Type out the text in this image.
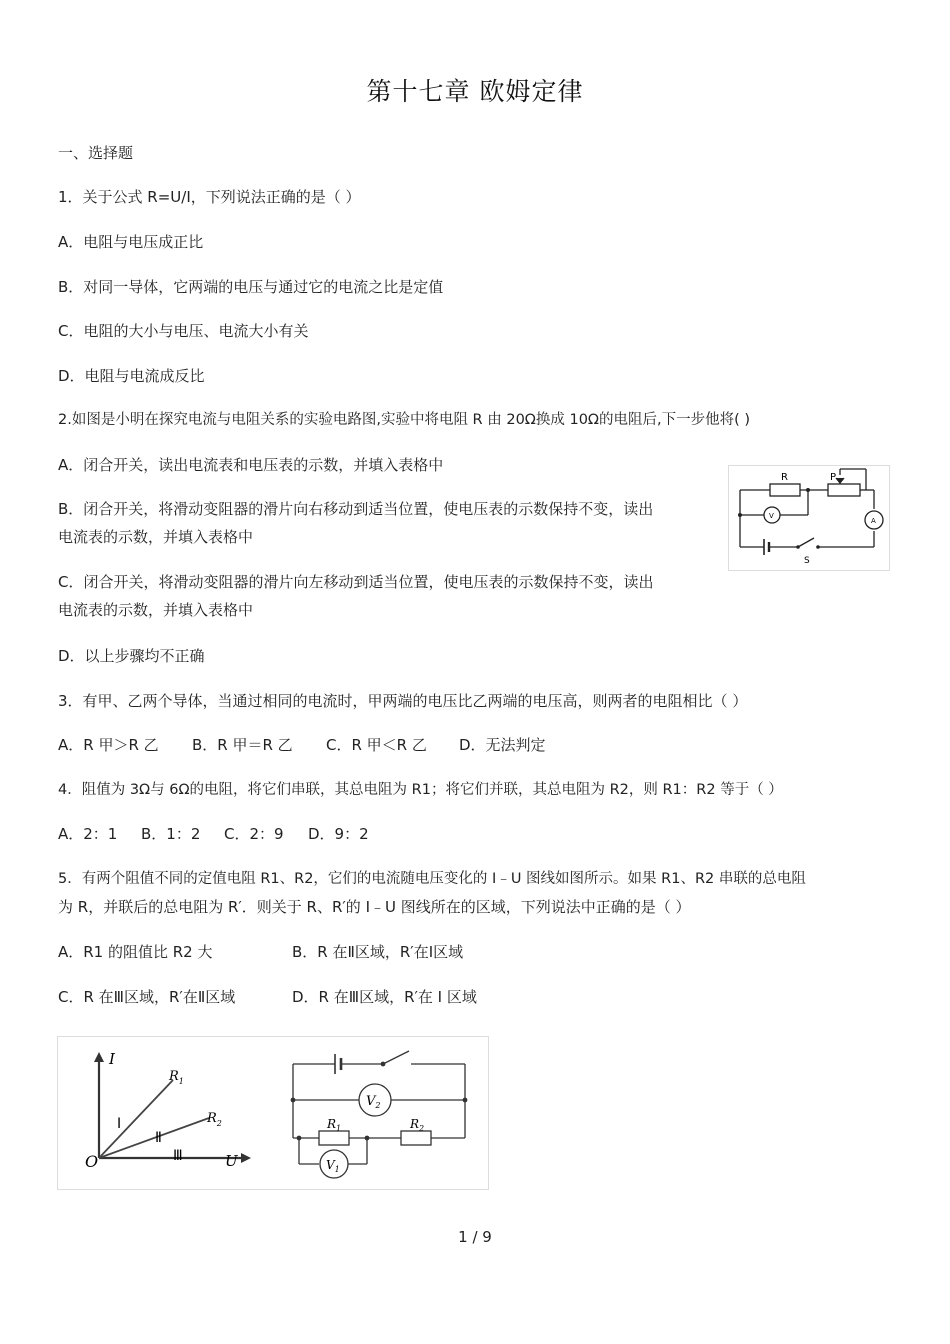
第十七章 欧姆定律
一、选择题
1．关于公式 R=U/I，下列说法正确的是（ ）
A．电阻与电压成正比
B．对同一导体，它两端的电压与通过它的电流之比是定值
C．电阻的大小与电压、电流大小有关
D．电阻与电流成反比
2.如图是小明在探究电流与电阻关系的实验电路图,实验中将电阻 R 由 20Ω换成 10Ω的电阻后,下一步他将( )
A．闭合开关，读出电流表和电压表的示数，并填入表格中
B．闭合开关，将滑动变阻器的滑片向右移动到适当位置，使电压表的示数保持不变，读出
电流表的示数，并填入表格中
C．闭合开关，将滑动变阻器的滑片向左移动到适当位置，使电压表的示数保持不变，读出
电流表的示数，并填入表格中
D．以上步骤均不正确
R	P
V
A
S
3．有甲、乙两个导体，当通过相同的电流时，甲两端的电压比乙两端的电压高，则两者的电阻相比（ ）
A．R 甲＞R 乙 B．R 甲＝R 乙 C．R 甲＜R 乙 D．无法判定
4．阻值为 3Ω与 6Ω的电阻，将它们串联，其总电阻为 R1；将它们并联，其总电阻为 R2，则 R1：R2 等于（ ）
A．2：1 B．1：2 C．2：9 D．9：2
5．有两个阻值不同的定值电阻 R1、R2，它们的电流随电压变化的 I﹣U 图线如图所示。如果 R1、R2 串联的总电阻
为 R，并联后的总电阻为 R′．则关于 R、R′的 I﹣U 图线所在的区域，下列说法中正确的是（ ）
A．R1 的阻值比 R2 大	B．R 在Ⅱ区域，R′在Ⅰ区域
C．R 在Ⅲ区域，R′在Ⅱ区域	D．R 在Ⅲ区域，R′在 I 区域
I
U
O
$R_1$
$R_2$
Ⅰ
Ⅱ
Ⅲ
$V_2$
$V_1$
$R_1$	$R_2$
1 / 9
